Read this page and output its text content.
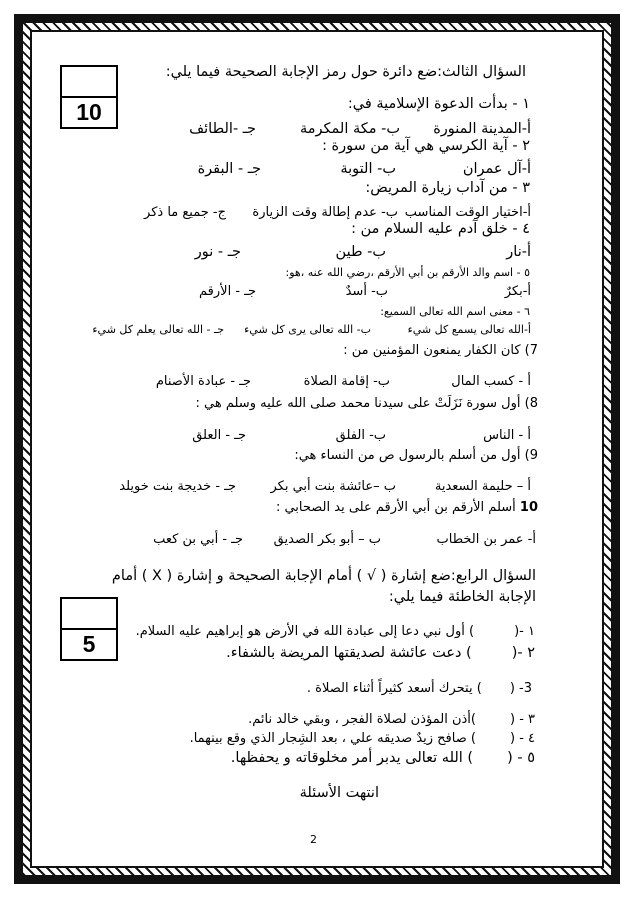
السؤال الثالث:ضع دائرة حول رمز الإجابة الصحيحة فيما يلي:
10	١ - بدأت الدعوة الإسلامية في:
أ-المدينة المنورة
ب- مكة المكرمة
جـ -الطائف
٢ - آية الكرسي هي آية من سورة :
أ-آل عمران
ب- التوبة
جـ - البقرة
٣ - من آداب زيارة المريض:
أ-اختيار الوقت المناسب
ب- عدم إطالة وقت الزيارة
ج- جميع ما ذكر
٤ - خلق آدم عليه السلام من :
أ-نار
ب- طين
جـ - نور
٥ - اسم والد الأرقم بن أبي الأرقم ،رضي الله عنه ،هو:
أ-بكرٌ
ب- أسدٌ
جـ - الأرقم
٦ - معنى اسم الله تعالى السميع:
أ-الله تعالى يسمع كل شيء
ب- الله تعالى يرى كل شيء
جـ - الله تعالى يعلم كل شيء
7) كان الكفار يمنعون المؤمنين من :
أ - كسب المال
ب- إقامة الصلاة
جـ - عبادة الأصنام
8) أول سورة نَزَلَتْ على سيدنا محمد صلى الله عليه وسلم هي :
أ - الناس
ب- الفلق
جـ - العلق
9) أول من أسلم بالرسول ص من النساء هي:
أ – حليمة السعدية
ب –عائشة بنت أبي بكر
جـ - خديجة بنت خويلد
10 أسلم الأرقم بن أبي الأرقم على يد الصحابي :
أ- عمر بن الخطاب
ب – أبو بكر الصديق
جـ - أبي بن كعب
السؤال الرابع:ضع إشارة ( √ ) أمام الإجابة الصحيحة و إشارة ( X ) أمام
الإجابة الخاطئة فيما يلي:
5	١ -() أول نبي دعا إلى عبادة الله في الأرض هو إبراهيم عليه السلام.
٢ -() دعت عائشة لصديقتها المريضة بالشفاء.
3- () يتحرك أسعد كثيراً أثناء الصلاة .
٣ - ()أذن المؤذن لصلاة الفجر ، وبقي خالد نائم.
٤ - () صافح زيدٌ صديقه علي ، بعد الشِجار الذي وقع بينهما.
٥ - () الله تعالى يدبر أمر مخلوقاته و يحفظها.
انتهت الأسئلة
2
